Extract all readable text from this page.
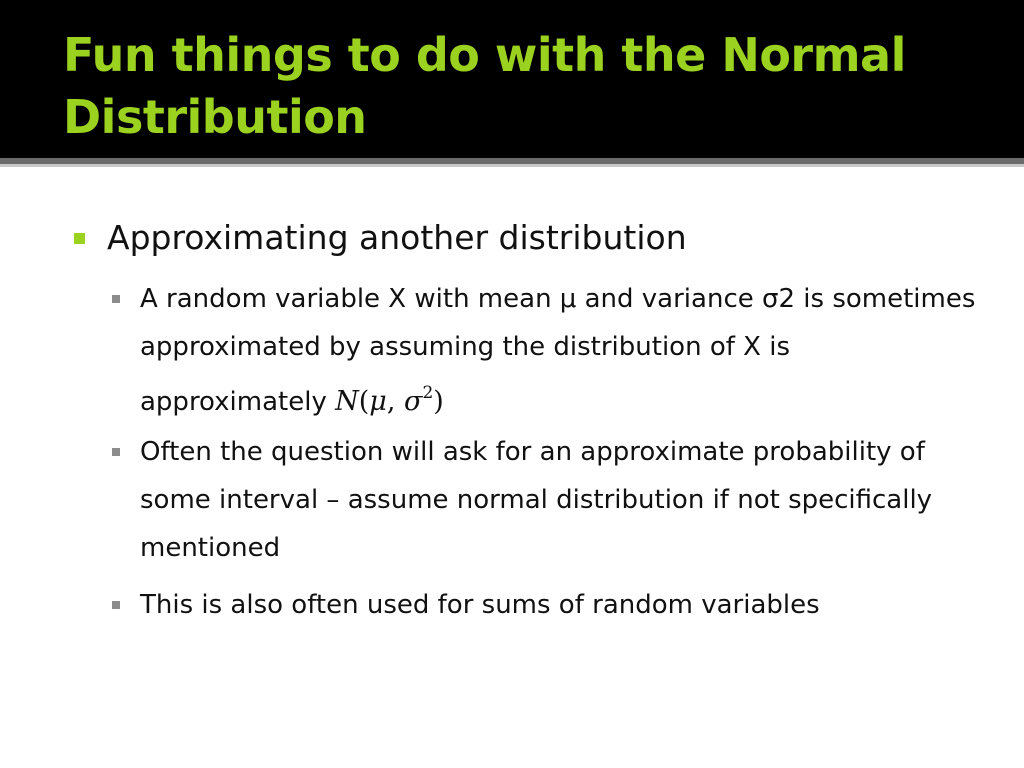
Fun things to do with the Normal Distribution
Approximating another distribution
A random variable X with mean μ and variance σ2 is sometimes approximated by assuming the distribution of X is approximately N(μ, $\sigma^2$)
Often the question will ask for an approximate probability of some interval – assume normal distribution if not specifically mentioned
This is also often used for sums of random variables
